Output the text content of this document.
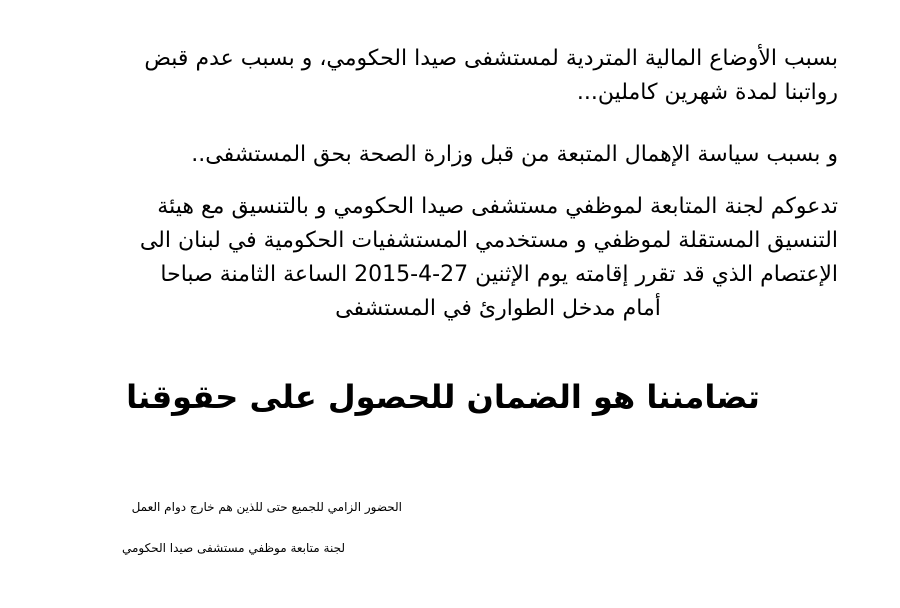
بسبب الأوضاع المالية المتردية لمستشفى صيدا الحكومي، و بسبب عدم قبض
رواتبنا لمدة شهرين كاملين...

و بسبب سياسة الإهمال المتبعة من قبل وزارة الصحة بحق المستشفى..

تدعوكم لجنة المتابعة لموظفي مستشفى صيدا الحكومي و بالتنسيق مع هيئة
التنسيق المستقلة لموظفي و مستخدمي المستشفيات الحكومية في لبنان الى
الإعتصام الذي قد تقرر إقامته يوم الإثنين 27-4-2015 الساعة الثامنة صباحا
أمام مدخل الطوارئ في المستشفى

تضامننا هو الضمان للحصول على حقوقنا

الحضور الزامي للجميع حتى للذين هم خارج دوام العمل

لجنة متابعة موظفي مستشفى صيدا الحكومي
